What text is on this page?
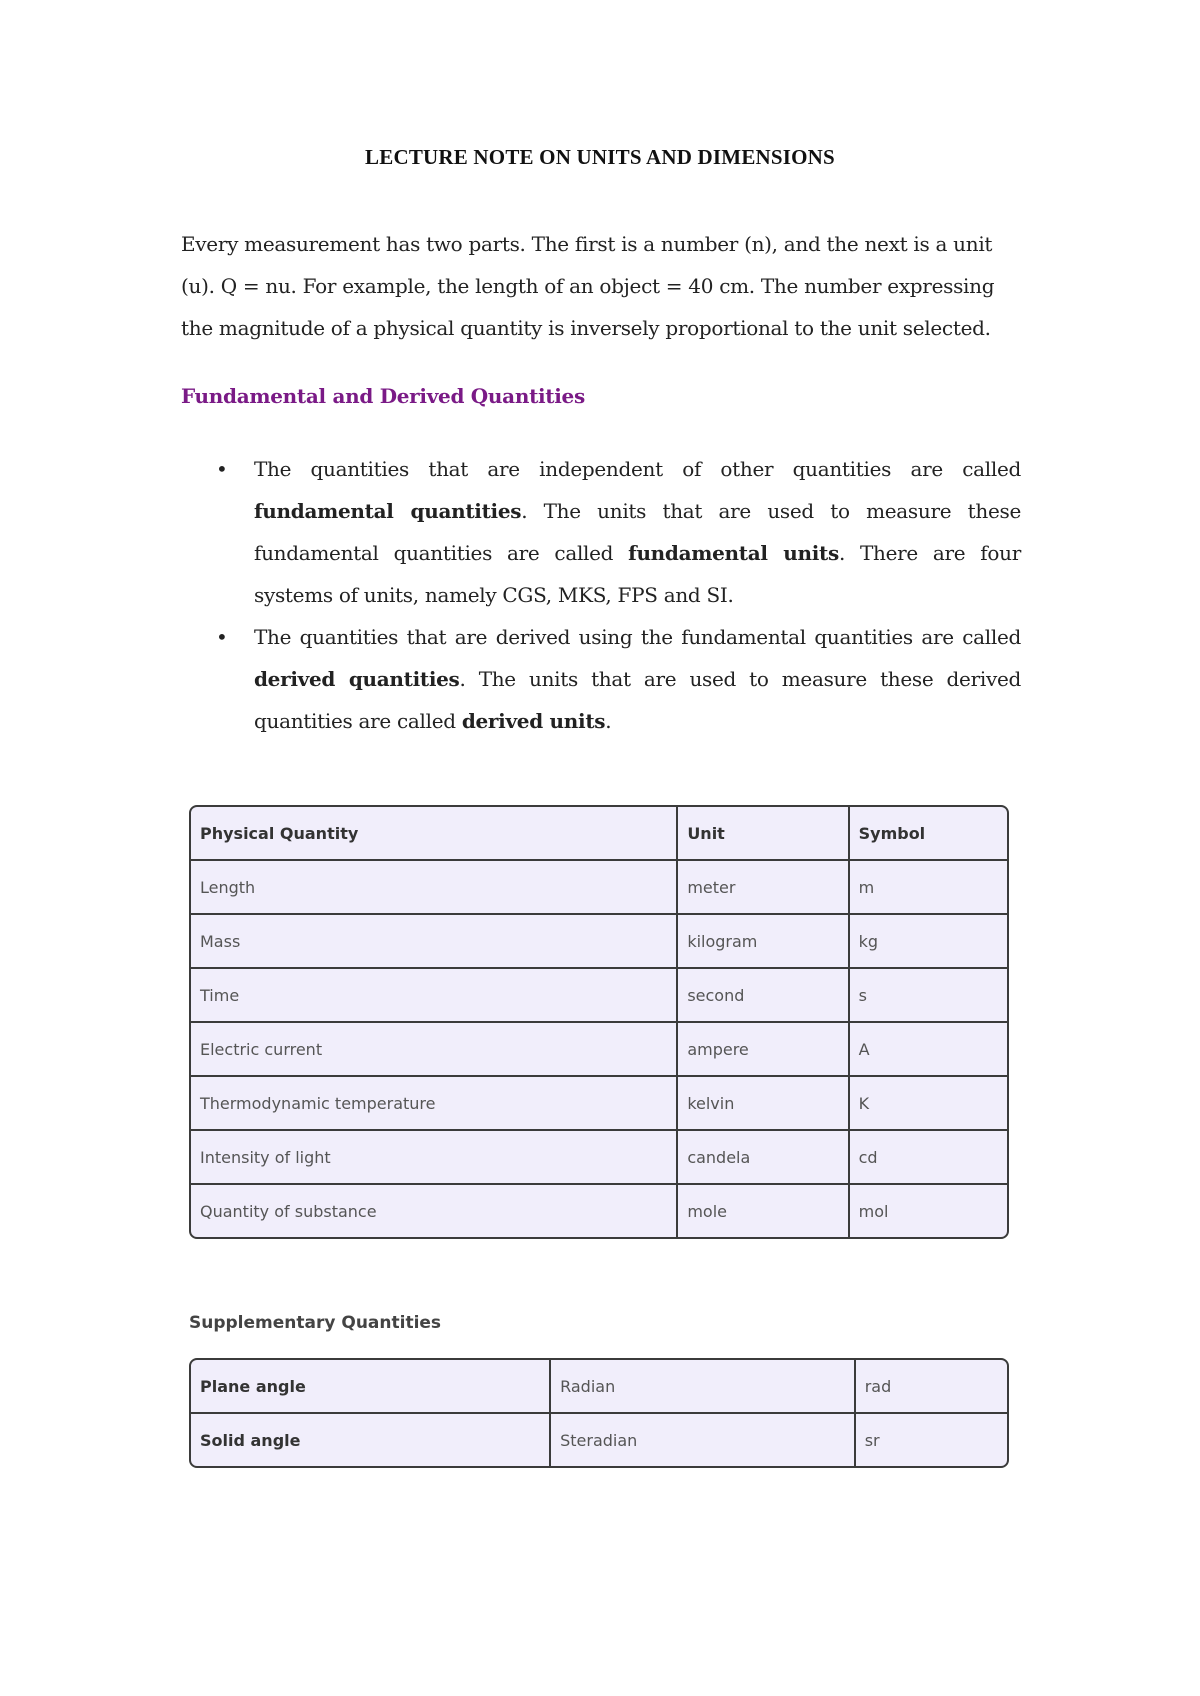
LECTURE NOTE ON UNITS AND DIMENSIONS

Every measurement has two parts. The first is a number (n), and the next is a unit (u). Q = nu. For example, the length of an object = 40 cm. The number expressing the magnitude of a physical quantity is inversely proportional to the unit selected.

Fundamental and Derived Quantities
• The quantities that are independent of other quantities are called fundamental quantities. The units that are used to measure these fundamental quantities are called fundamental units. There are four systems of units, namely CGS, MKS, FPS and SI.
• The quantities that are derived using the fundamental quantities are called derived quantities. The units that are used to measure these derived quantities are called derived units.
Physical Quantity	Unit	Symbol
Length	meter	m
Mass	kilogram	kg
Time	second	s
Electric current	ampere	A
Thermodynamic temperature	kelvin	K
Intensity of light	candela	cd
Quantity of substance	mole	mol
Supplementary Quantities
Plane angle	Radian	rad
Solid angle	Steradian	sr
